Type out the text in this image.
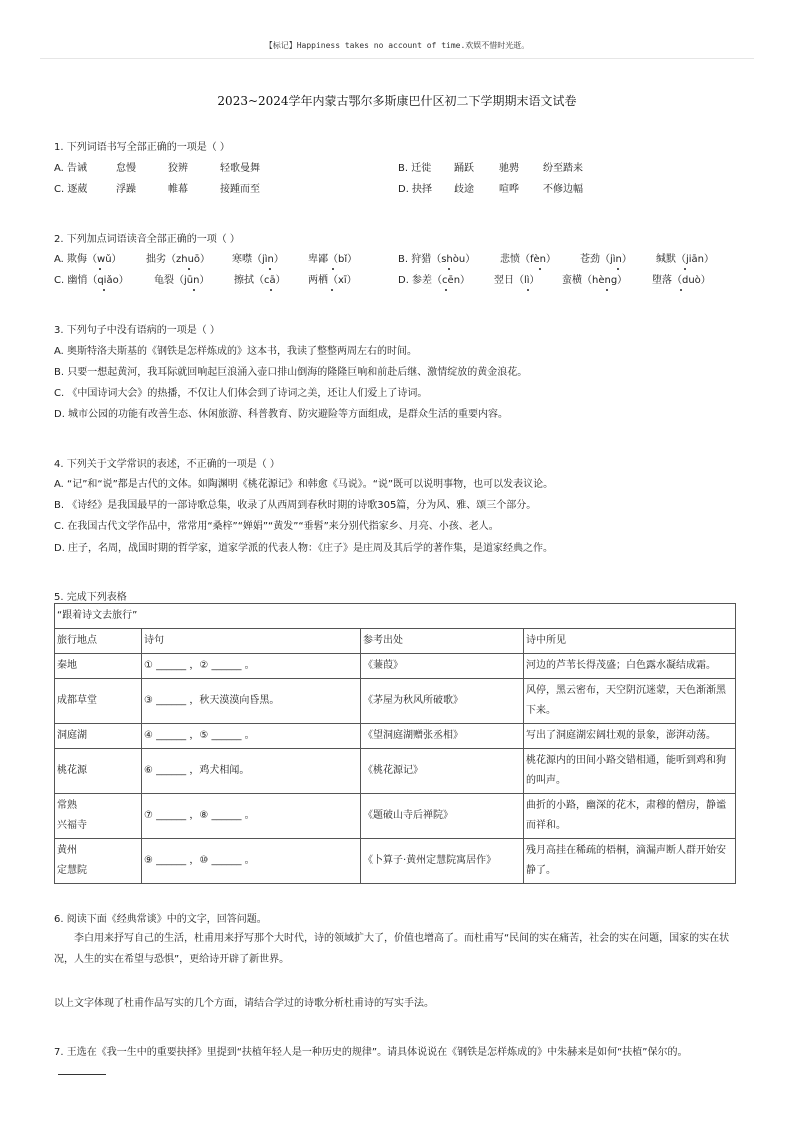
【标记】Happiness takes no account of time.欢娱不惜时光逝。
2023~2024学年内蒙古鄂尔多斯康巴什区初二下学期期末语文试卷
1. 下列词语书写全部正确的一项是（ ）
A. 告诫	怠慢	狡辨	轻歌曼舞	B. 迁徙 踊跃	驰骋 纷至踏来
C. 逐葳	浮躁	帷幕	接踵而至	D. 抉择 歧途	喧哗 不修边幅
2. 下列加点词语读音全部正确的一项（ ）
A. 欺侮（wǔ） 拙劣（zhuō） 寒噤（jìn） 卑鄙（bǐ）	B. 狩猎（shòu） 悲愤（fèn） 苍劲（jìn） 缄默（jiān）
C. 幽悄（qiǎo）	龟裂（jūn） 擦拭（cā） 两栖（xī）	D. 参差（cēn） 翌日（lì） 蛮横（hèng） 堕落（duò）
3. 下列句子中没有语病的一项是（ ）
A. 奥斯特洛夫斯基的《钢铁是怎样炼成的》这本书，我读了整整两周左右的时间。
B. 只要一想起黄河，我耳际就回响起巨浪涌入壶口排山倒海的隆隆巨响和前赴后继、激情绽放的黄金浪花。
C. 《中国诗词大会》的热播，不仅让人们体会到了诗词之美，还让人们爱上了诗词。
D. 城市公园的功能有改善生态、休闲旅游、科普教育、防灾避险等方面组成，是群众生活的重要内容。
4. 下列关于文学常识的表述，不正确的一项是（ ）
A. “记”和“说”都是古代的文体。如陶渊明《桃花源记》和韩愈《马说》。“说”既可以说明事物，也可以发表议论。
B. 《诗经》是我国最早的一部诗歌总集，收录了从西周到春秋时期的诗歌305篇，分为风、雅、颂三个部分。
C. 在我国古代文学作品中，常常用“桑梓”“婵娟”“黄发”“垂髫”来分别代指家乡、月亮、小孩、老人。
D. 庄子，名周，战国时期的哲学家，道家学派的代表人物：《庄子》是庄周及其后学的著作集，是道家经典之作。
5. 完成下列表格
“跟着诗文去旅行”			
旅行地点	诗句	参考出处	诗中所见
秦地	① ______ ，② ______ 。	《蒹葭》	河边的芦苇长得茂盛；白色露水凝结成霜。
成都草堂	③ ______ ，秋天漠漠向昏黑。	《茅屋为秋风所破歌》	风停，黑云密布，天空阴沉迷蒙，天色渐渐黑下来。
洞庭湖	④ ______ ，⑤ ______ 。	《望洞庭湖赠张丞相》	写出了洞庭湖宏阔壮观的景象，澎湃动荡。
桃花源	⑥ ______ ，鸡犬相闻。	《桃花源记》	桃花源内的田间小路交错相通，能听到鸡和狗的叫声。
常熟
兴福寺	⑦ ______ ，⑧ ______ 。	《题破山寺后禅院》	曲折的小路，幽深的花木，肃穆的僧房，静谧而祥和。
黄州
定慧院	⑨ ______ ，⑩ ______ 。	《卜算子·黄州定慧院寓居作》	残月高挂在稀疏的梧桐，滴漏声断人群开始安静了。
6. 阅读下面《经典常谈》中的文字，回答问题。
李白用来抒写自己的生活，杜甫用来抒写那个大时代，诗的领域扩大了，价值也增高了。而杜甫写“民间的实在痛苦，社会的实在问题，国家的实在状况，人生的实在希望与恐惧”，更给诗开辟了新世界。
以上文字体现了杜甫作品写实的几个方面，请结合学过的诗歌分析杜甫诗的写实手法。
7. 王选在《我一生中的重要抉择》里提到“扶植年轻人是一种历史的规律”。请具体说说在《钢铁是怎样炼成的》中朱赫来是如何“扶植”保尔的。
